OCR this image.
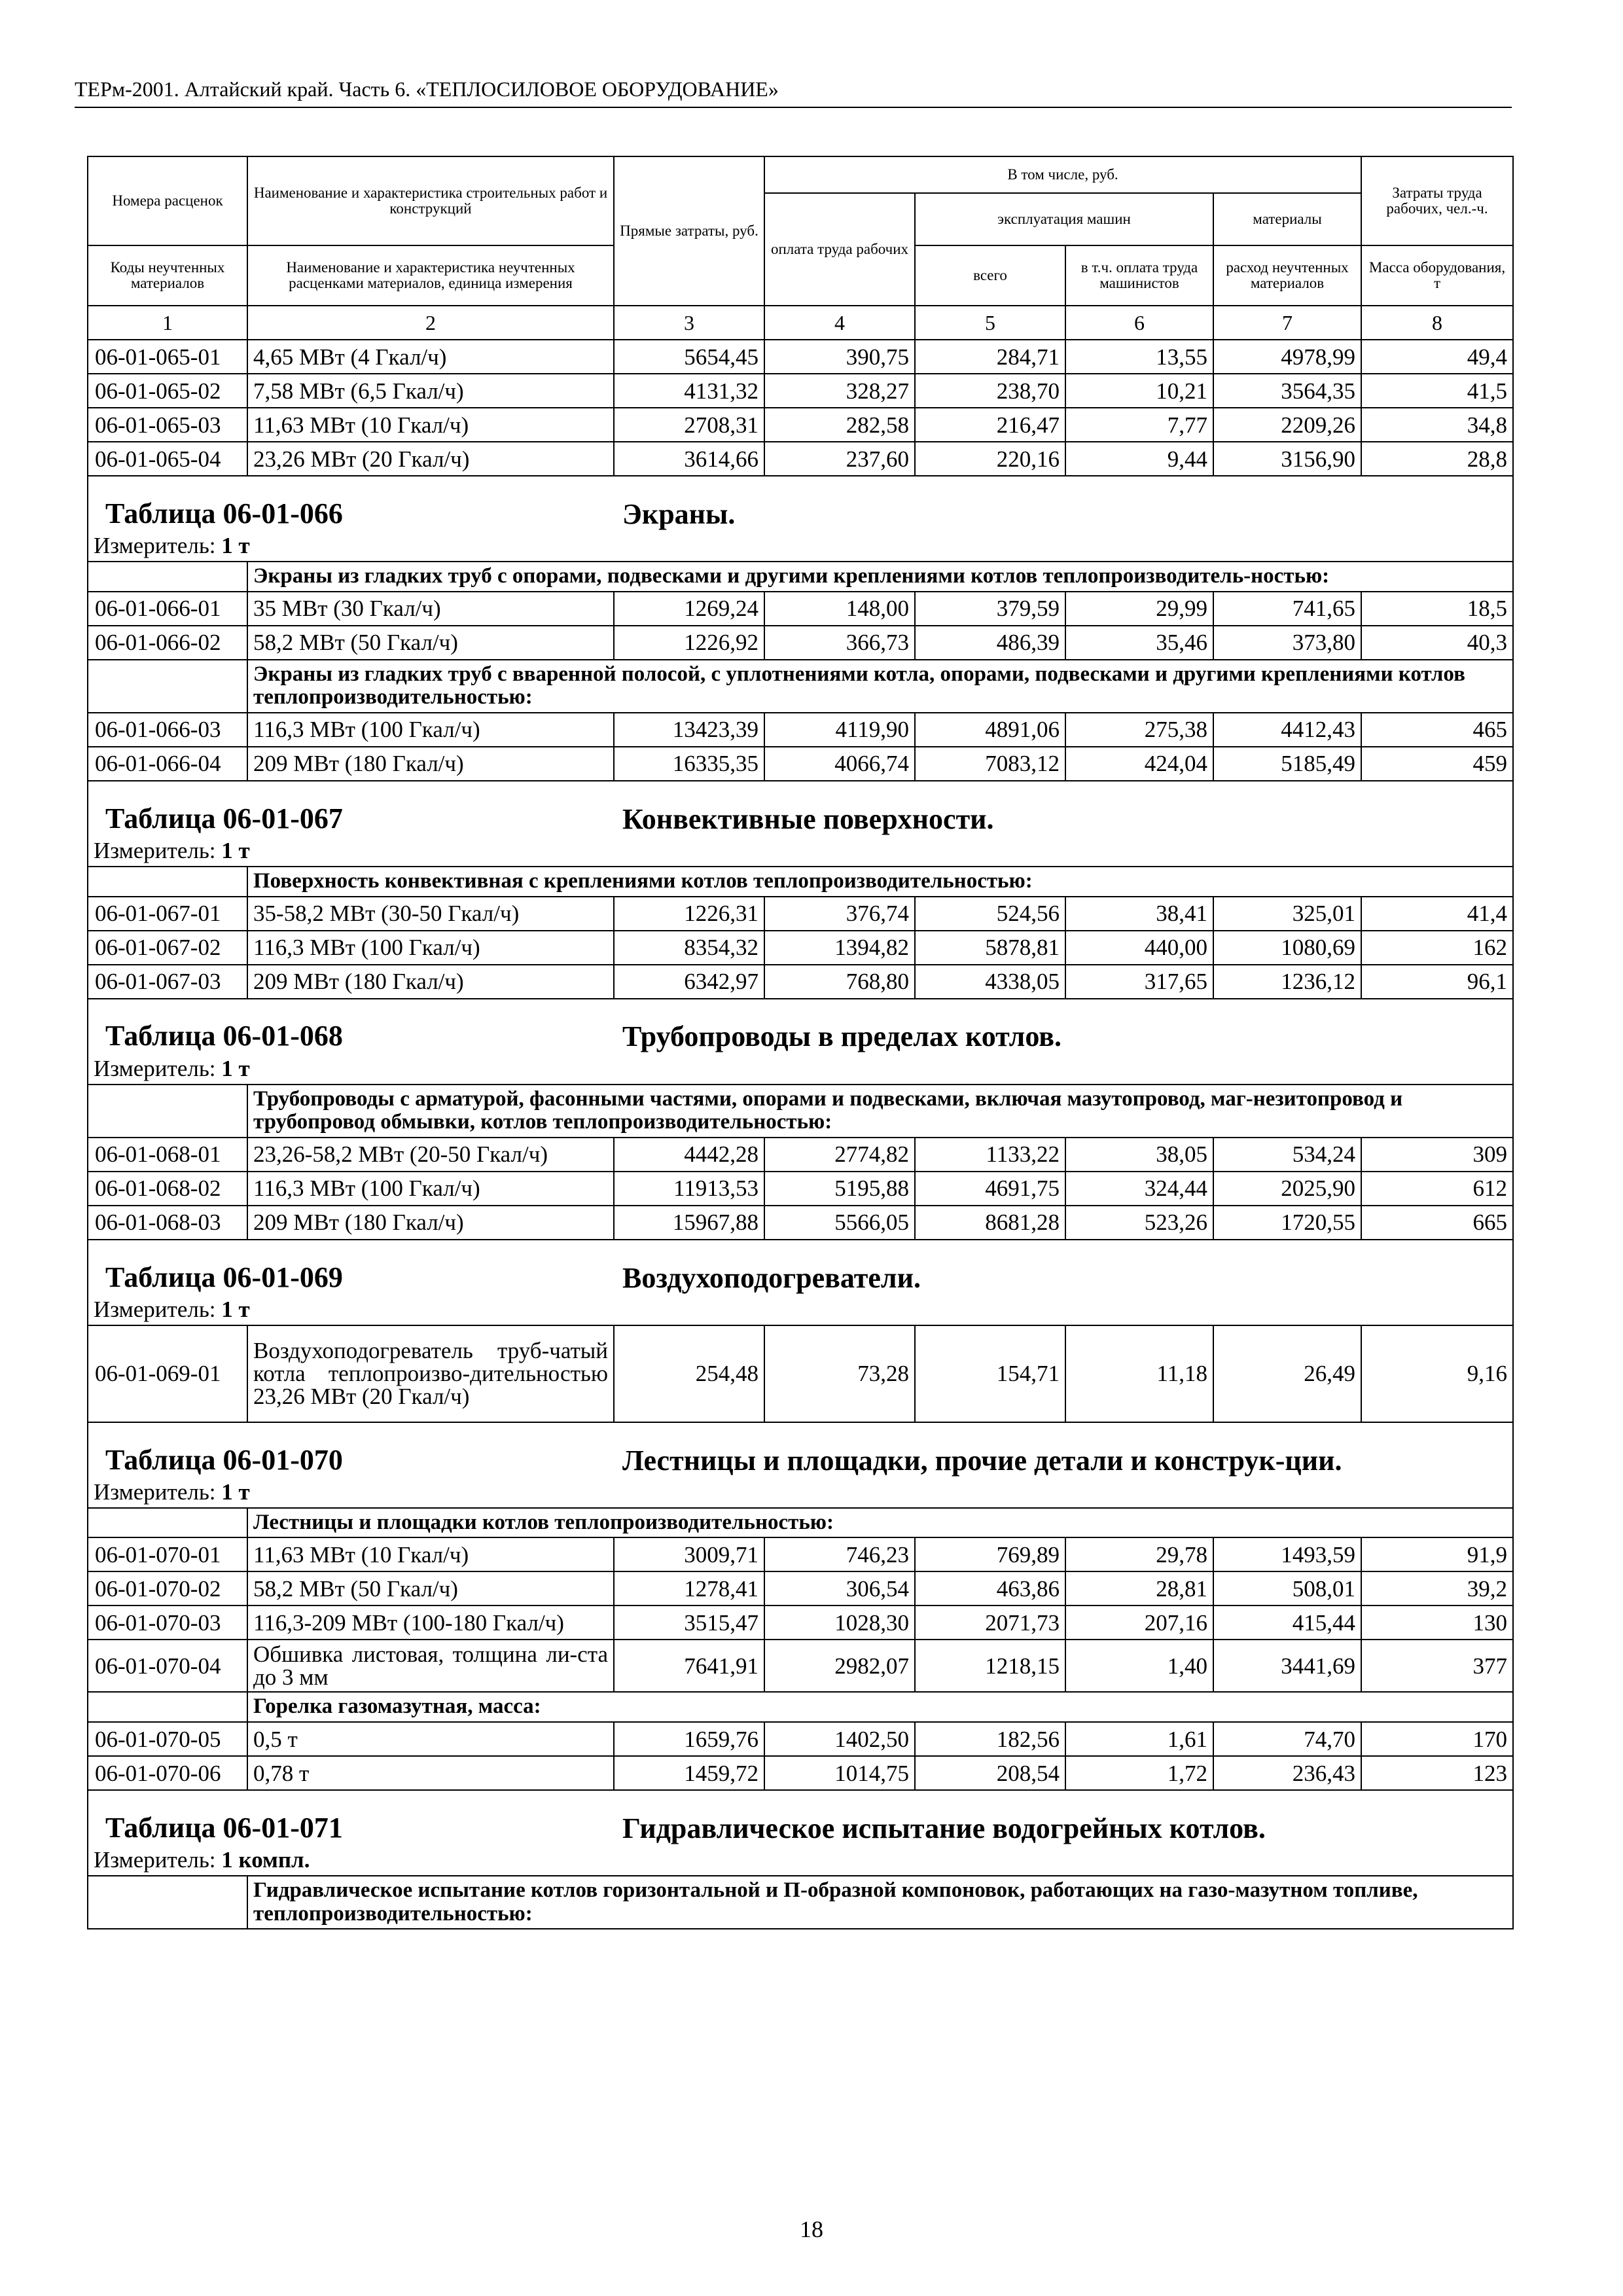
ТЕРм-2001. Алтайский край. Часть 6. «ТЕПЛОСИЛОВОЕ ОБОРУДОВАНИЕ»
Номера расценок	Наименование и характеристика строительных работ и конструкций	Прямые затраты, руб.	В том числе, руб.				Затраты труда рабочих, чел.-ч.
			оплата труда рабочих	эксплуатация машин		материалы	

Коды неучтенных материалов	Наименование и характеристика неучтенных расценками материалов, единица измерения			всего	в т.ч. оплата труда машинистов	расход неучтенных материалов	Масса оборудования, т
1	2	3	4	5	6	7	8
06-01-065-01	4,65 МВт (4 Гкал/ч)	5654,45	390,75	284,71	13,55	4978,99	49,4
06-01-065-02	7,58 МВт (6,5 Гкал/ч)	4131,32	328,27	238,70	10,21	3564,35	41,5
06-01-065-03	11,63 МВт (10 Гкал/ч)	2708,31	282,58	216,47	7,77	2209,26	34,8
06-01-065-04	23,26 МВт (20 Гкал/ч)	3614,66	237,60	220,16	9,44	3156,90	28,8
Таблица 06-01-066 Экраны.							
Измеритель: 1 т							
	Экраны из гладких труб с опорами, подвесками и другими креплениями котлов теплопроизводитель-ностью:						
06-01-066-01	35 МВт (30 Гкал/ч)	1269,24	148,00	379,59	29,99	741,65	18,5
06-01-066-02	58,2 МВт (50 Гкал/ч)	1226,92	366,73	486,39	35,46	373,80	40,3
	Экраны из гладких труб с вваренной полосой, с уплотнениями котла, опорами, подвесками и другими креплениями котлов теплопроизводительностью:						
06-01-066-03	116,3 МВт (100 Гкал/ч)	13423,39	4119,90	4891,06	275,38	4412,43	465
06-01-066-04	209 МВт (180 Гкал/ч)	16335,35	4066,74	7083,12	424,04	5185,49	459
Таблица 06-01-067 Конвективные поверхности.							
Измеритель: 1 т							
	Поверхность конвективная с креплениями котлов теплопроизводительностью:						
06-01-067-01	35-58,2 МВт (30-50 Гкал/ч)	1226,31	376,74	524,56	38,41	325,01	41,4
06-01-067-02	116,3 МВт (100 Гкал/ч)	8354,32	1394,82	5878,81	440,00	1080,69	162
06-01-067-03	209 МВт (180 Гкал/ч)	6342,97	768,80	4338,05	317,65	1236,12	96,1
Таблица 06-01-068 Трубопроводы в пределах котлов.							
Измеритель: 1 т							
	Трубопроводы с арматурой, фасонными частями, опорами и подвесками, включая мазутопровод, маг-незитопровод и трубопровод обмывки, котлов теплопроизводительностью:						
06-01-068-01	23,26-58,2 МВт (20-50 Гкал/ч)	4442,28	2774,82	1133,22	38,05	534,24	309
06-01-068-02	116,3 МВт (100 Гкал/ч)	11913,53	5195,88	4691,75	324,44	2025,90	612
06-01-068-03	209 МВт (180 Гкал/ч)	15967,88	5566,05	8681,28	523,26	1720,55	665
Таблица 06-01-069 Воздухоподогреватели.							
Измеритель: 1 т							
06-01-069-01	Воздухоподогреватель труб-чатый котла теплопроизво-дительностью 23,26 МВт (20 Гкал/ч)	254,48	73,28	154,71	11,18	26,49	9,16
Таблица 06-01-070 Лестницы и площадки, прочие детали и конструк-ции.							
Измеритель: 1 т							
	Лестницы и площадки котлов теплопроизводительностью:						
06-01-070-01	11,63 МВт (10 Гкал/ч)	3009,71	746,23	769,89	29,78	1493,59	91,9
06-01-070-02	58,2 МВт (50 Гкал/ч)	1278,41	306,54	463,86	28,81	508,01	39,2
06-01-070-03	116,3-209 МВт (100-180 Гкал/ч)	3515,47	1028,30	2071,73	207,16	415,44	130
06-01-070-04	Обшивка листовая, толщина ли-ста до 3 мм	7641,91	2982,07	1218,15	1,40	3441,69	377
	Горелка газомазутная, масса:						
06-01-070-05	0,5 т	1659,76	1402,50	182,56	1,61	74,70	170
06-01-070-06	0,78 т	1459,72	1014,75	208,54	1,72	236,43	123
Таблица 06-01-071 Гидравлическое испытание водогрейных котлов.							
Измеритель: 1 компл.							
	Гидравлическое испытание котлов горизонтальной и П-образной компоновок, работающих на газо-мазутном топливе, теплопроизводительностью:						
18
